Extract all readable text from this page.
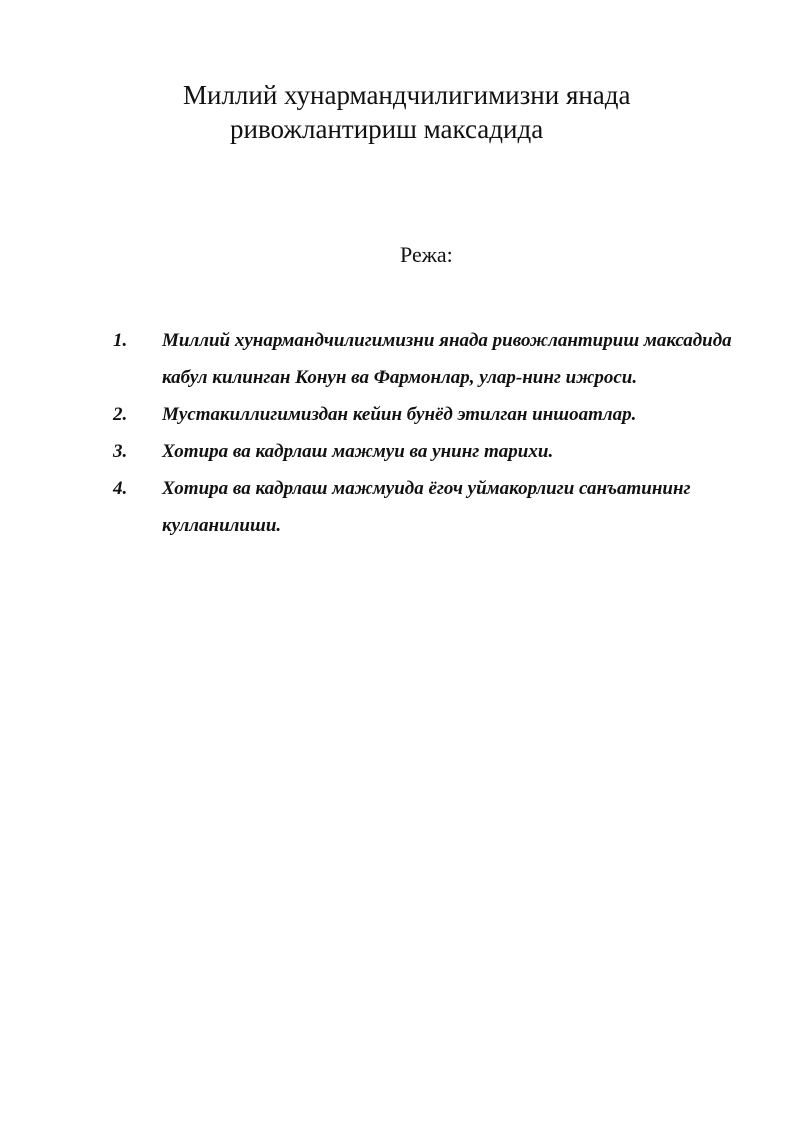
Миллий хунармандчилигимизни янада
ривожлантириш максадида

Режа:

1.	Миллий хунармандчилигимизни янада ривожлантириш максадида кабул килинган Конун ва Фармонлар, улар-нинг ижроси.
2.	Мустакиллигимиздан кейин бунёд этилган иншоатлар.
3.	Хотира ва кадрлаш мажмуи ва унинг тарихи.
4.	Хотира ва кадрлаш мажмуида ёгоч уймакорлиги санъатининг кулланилиши.
